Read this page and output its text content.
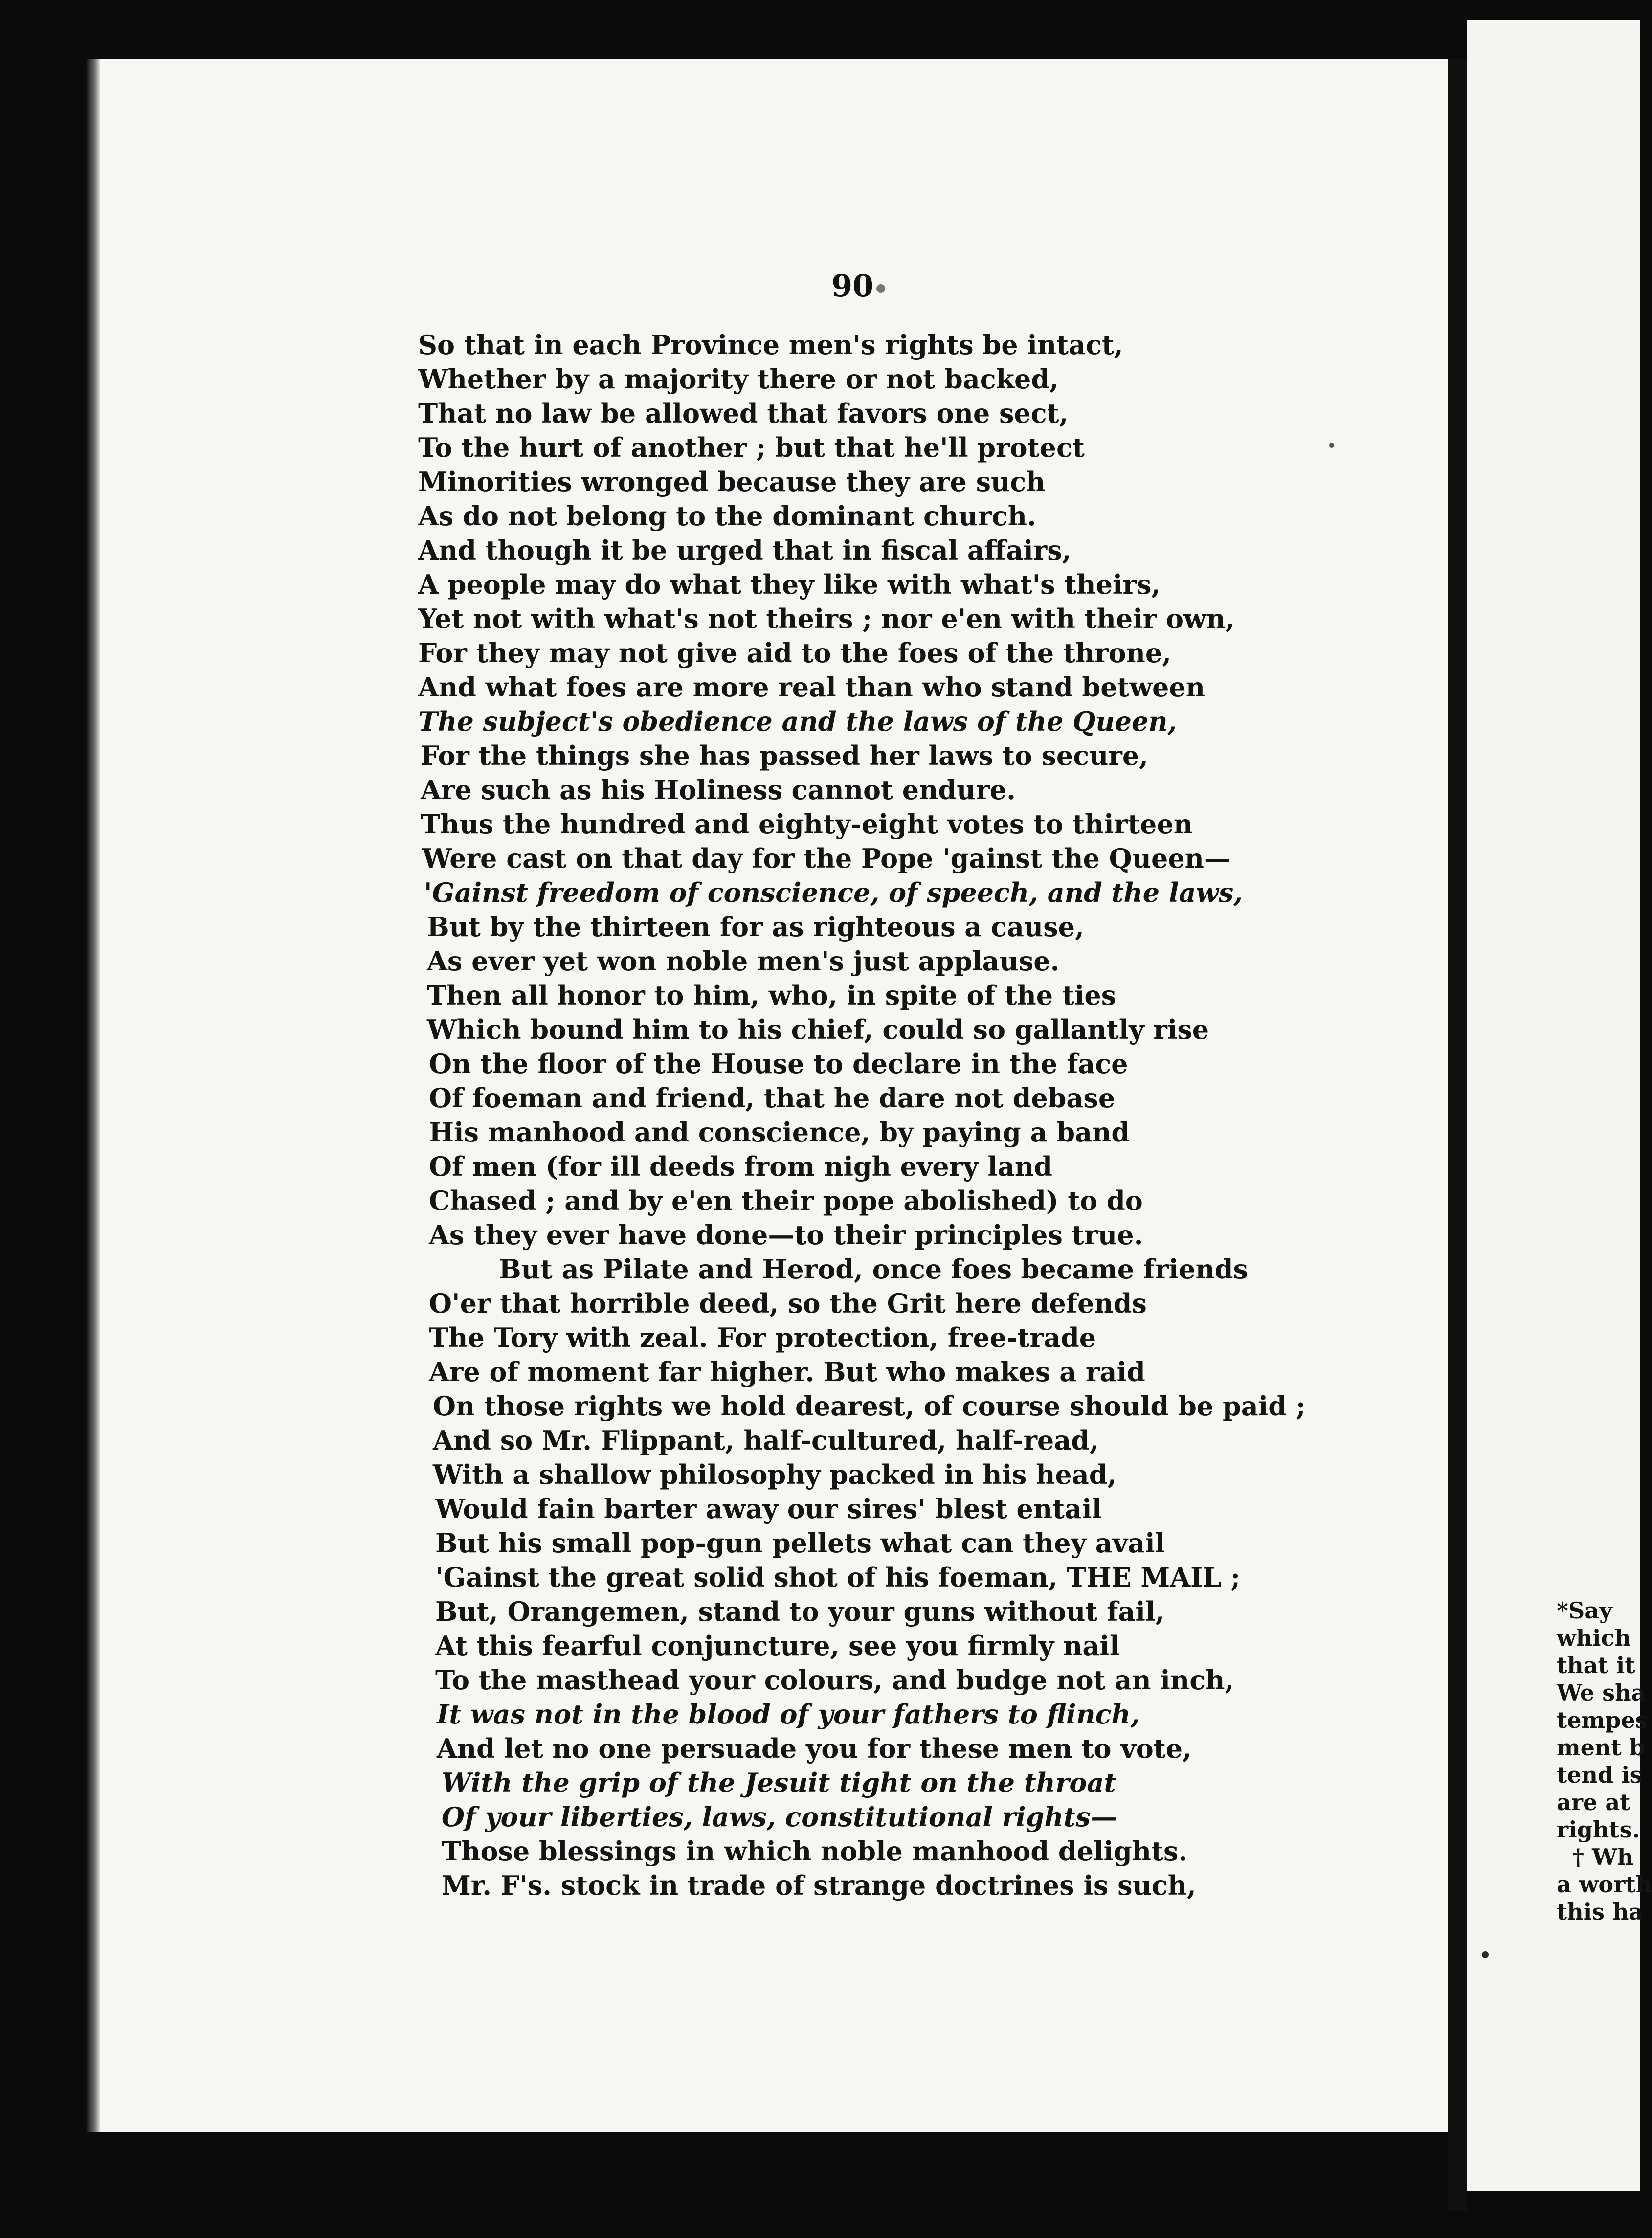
*Say
which
that it
We sha
tempes
ment b
tend is
are at
rights.
† Wh
a worth
this ha
90
So that in each Province men's rights be intact,
Whether by a majority there or not backed,
That no law be allowed that favors one sect,
To the hurt of another ; but that he'll protect
Minorities wronged because they are such
As do not belong to the dominant church.
And though it be urged that in fiscal affairs,
A people may do what they like with what's theirs,
Yet not with what's not theirs ; nor e'en with their own,
For they may not give aid to the foes of the throne,
And what foes are more real than who stand between
The subject's obedience and the laws of the Queen,
For the things she has passed her laws to secure,
Are such as his Holiness cannot endure.
Thus the hundred and eighty-eight votes to thirteen
Were cast on that day for the Pope 'gainst the Queen—
'Gainst freedom of conscience, of speech, and the laws,
But by the thirteen for as righteous a cause,
As ever yet won noble men's just applause.
Then all honor to him, who, in spite of the ties
Which bound him to his chief, could so gallantly rise
On the floor of the House to declare in the face
Of foeman and friend, that he dare not debase
His manhood and conscience, by paying a band
Of men (for ill deeds from nigh every land
Chased ; and by e'en their pope abolished) to do
As they ever have done—to their principles true.
But as Pilate and Herod, once foes became friends
O'er that horrible deed, so the Grit here defends
The Tory with zeal. For protection, free-trade
Are of moment far higher. But who makes a raid
On those rights we hold dearest, of course should be paid ;
And so Mr. Flippant, half-cultured, half-read,
With a shallow philosophy packed in his head,
Would fain barter away our sires' blest entail
But his small pop-gun pellets what can they avail
'Gainst the great solid shot of his foeman, THE MAIL ;
But, Orangemen, stand to your guns without fail,
At this fearful conjuncture, see you firmly nail
To the masthead your colours, and budge not an inch,
It was not in the blood of your fathers to flinch,
And let no one persuade you for these men to vote,
With the grip of the Jesuit tight on the throat
Of your liberties, laws, constitutional rights—
Those blessings in which noble manhood delights.
Mr. F's. stock in trade of strange doctrines is such,
